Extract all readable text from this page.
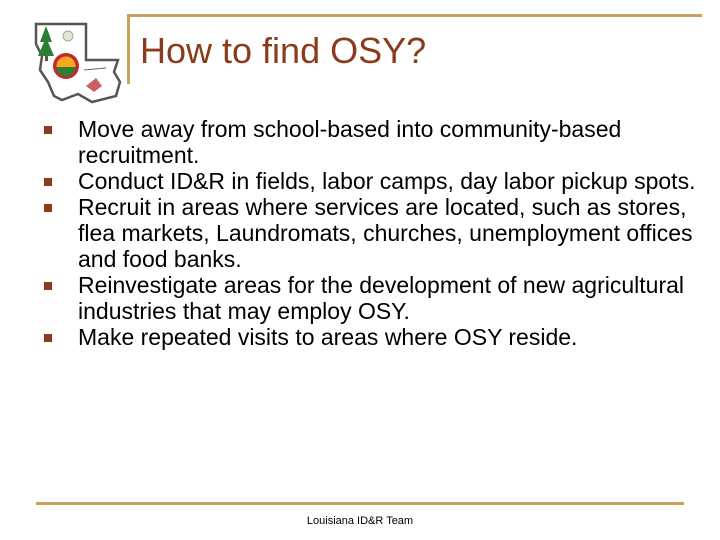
How to find OSY?
Move away from school-based into community-based recruitment.
Conduct ID&R in fields, labor camps, day labor pickup spots.
Recruit in areas where services are located, such as stores, flea markets, Laundromats, churches, unemployment offices and food banks.
Reinvestigate areas for the development of new agricultural industries that may employ OSY.
Make repeated visits to areas where OSY reside.
Louisiana ID&R Team
